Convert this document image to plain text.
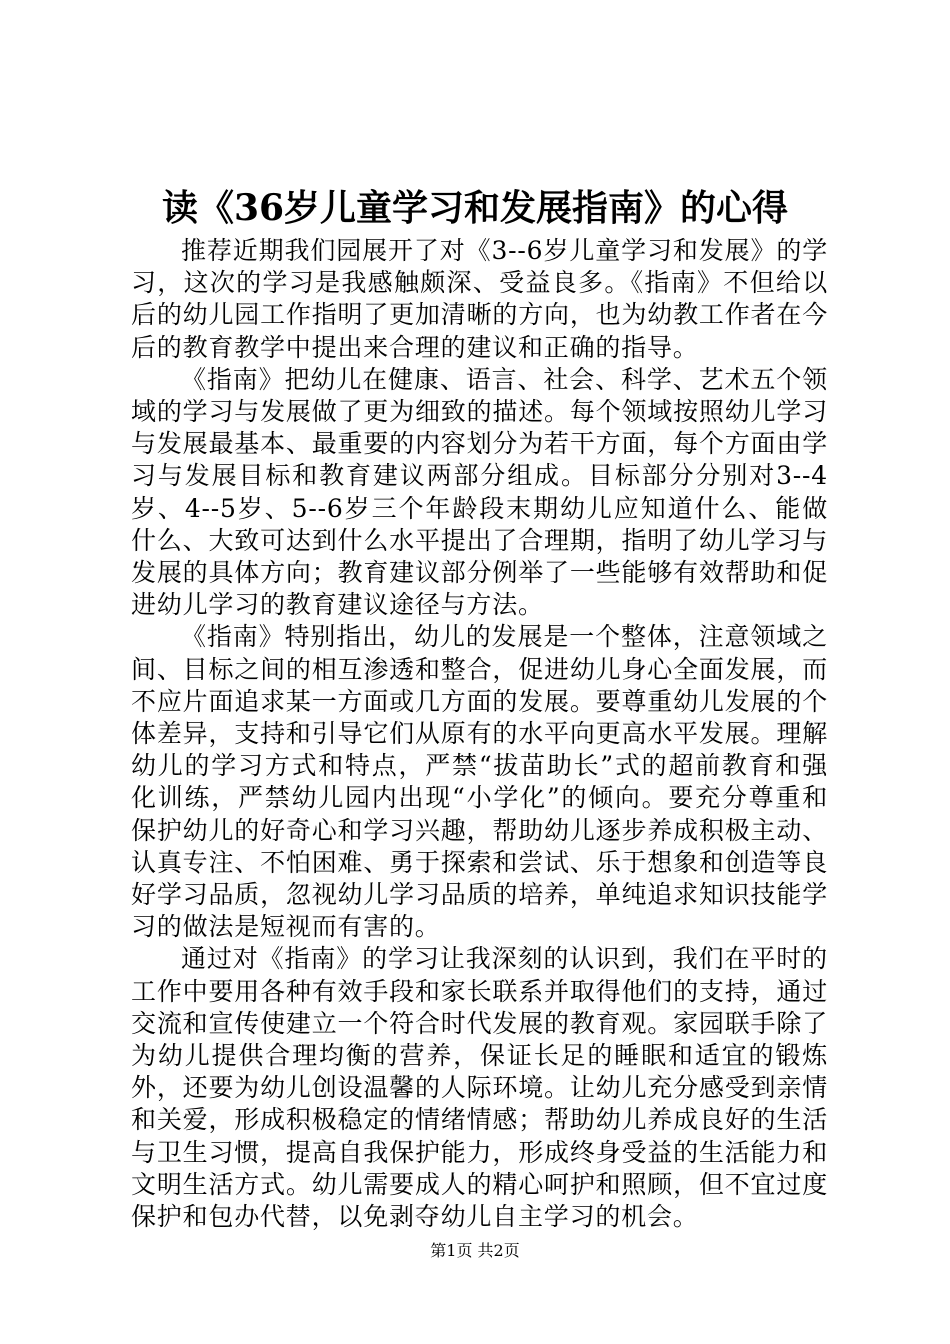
读《36岁儿童学习和发展指南》的心得

推荐近期我们园展开了对《3--6岁儿童学习和发展》的学习，这次的学习是我感触颇深、受益良多。《指南》不但给以后的幼儿园工作指明了更加清晰的方向，也为幼教工作者在今后的教育教学中提出来合理的建议和正确的指导。

《指南》把幼儿在健康、语言、社会、科学、艺术五个领域的学习与发展做了更为细致的描述。每个领域按照幼儿学习与发展最基本、最重要的内容划分为若干方面，每个方面由学习与发展目标和教育建议两部分组成。目标部分分别对3--4岁、4--5岁、5--6岁三个年龄段末期幼儿应知道什么、能做什么、大致可达到什么水平提出了合理期，指明了幼儿学习与发展的具体方向；教育建议部分例举了一些能够有效帮助和促进幼儿学习的教育建议途径与方法。

《指南》特别指出，幼儿的发展是一个整体，注意领域之间、目标之间的相互渗透和整合，促进幼儿身心全面发展，而不应片面追求某一方面或几方面的发展。要尊重幼儿发展的个体差异，支持和引导它们从原有的水平向更高水平发展。理解幼儿的学习方式和特点，严禁“拔苗助长”式的超前教育和强化训练，严禁幼儿园内出现“小学化”的倾向。要充分尊重和保护幼儿的好奇心和学习兴趣，帮助幼儿逐步养成积极主动、认真专注、不怕困难、勇于探索和尝试、乐于想象和创造等良好学习品质，忽视幼儿学习品质的培养，单纯追求知识技能学习的做法是短视而有害的。

通过对《指南》的学习让我深刻的认识到，我们在平时的工作中要用各种有效手段和家长联系并取得他们的支持，通过交流和宣传使建立一个符合时代发展的教育观。家园联手除了为幼儿提供合理均衡的营养，保证长足的睡眠和适宜的锻炼外，还要为幼儿创设温馨的人际环境。让幼儿充分感受到亲情和关爱，形成积极稳定的情绪情感；帮助幼儿养成良好的生活与卫生习惯，提高自我保护能力，形成终身受益的生活能力和文明生活方式。幼儿需要成人的精心呵护和照顾，但不宜过度保护和包办代替，以免剥夺幼儿自主学习的机会。

第1页 共2页
